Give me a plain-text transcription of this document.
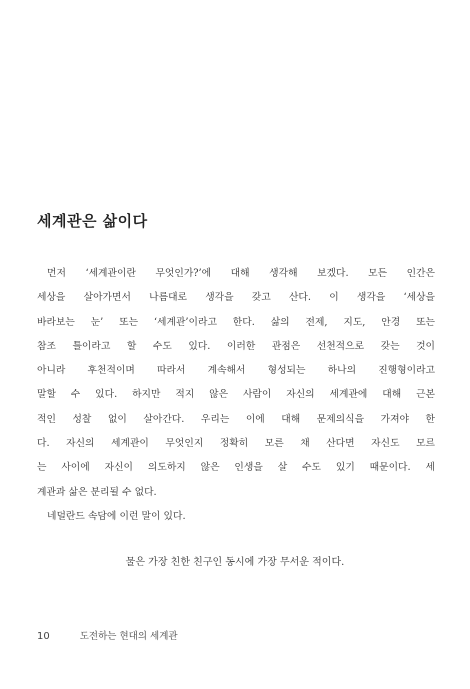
세계관은 삶이다
먼저 ‘세계관이란 무엇인가?’에 대해 생각해 보겠다. 모든 인간은
세상을 살아가면서 나름대로 생각을 갖고 산다. 이 생각을 ‘세상을
바라보는 눈’ 또는 ‘세계관’이라고 한다. 삶의 전제, 지도, 안경 또는
참조 틀이라고 할 수도 있다. 이러한 관점은 선천적으로 갖는 것이
아니라 후천적이며 따라서 계속해서 형성되는 하나의 진행형이라고
말할 수 있다. 하지만 적지 않은 사람이 자신의 세계관에 대해 근본
적인 성찰 없이 살아간다. 우리는 이에 대해 문제의식을 가져야 한
다. 자신의 세계관이 무엇인지 정확히 모른 채 산다면 자신도 모르
는 사이에 자신이 의도하지 않은 인생을 살 수도 있기 때문이다. 세
계관과 삶은 분리될 수 없다.
네덜란드 속담에 이런 말이 있다.
물은 가장 친한 친구인 동시에 가장 무서운 적이다.
10	도전하는 현대의 세계관
